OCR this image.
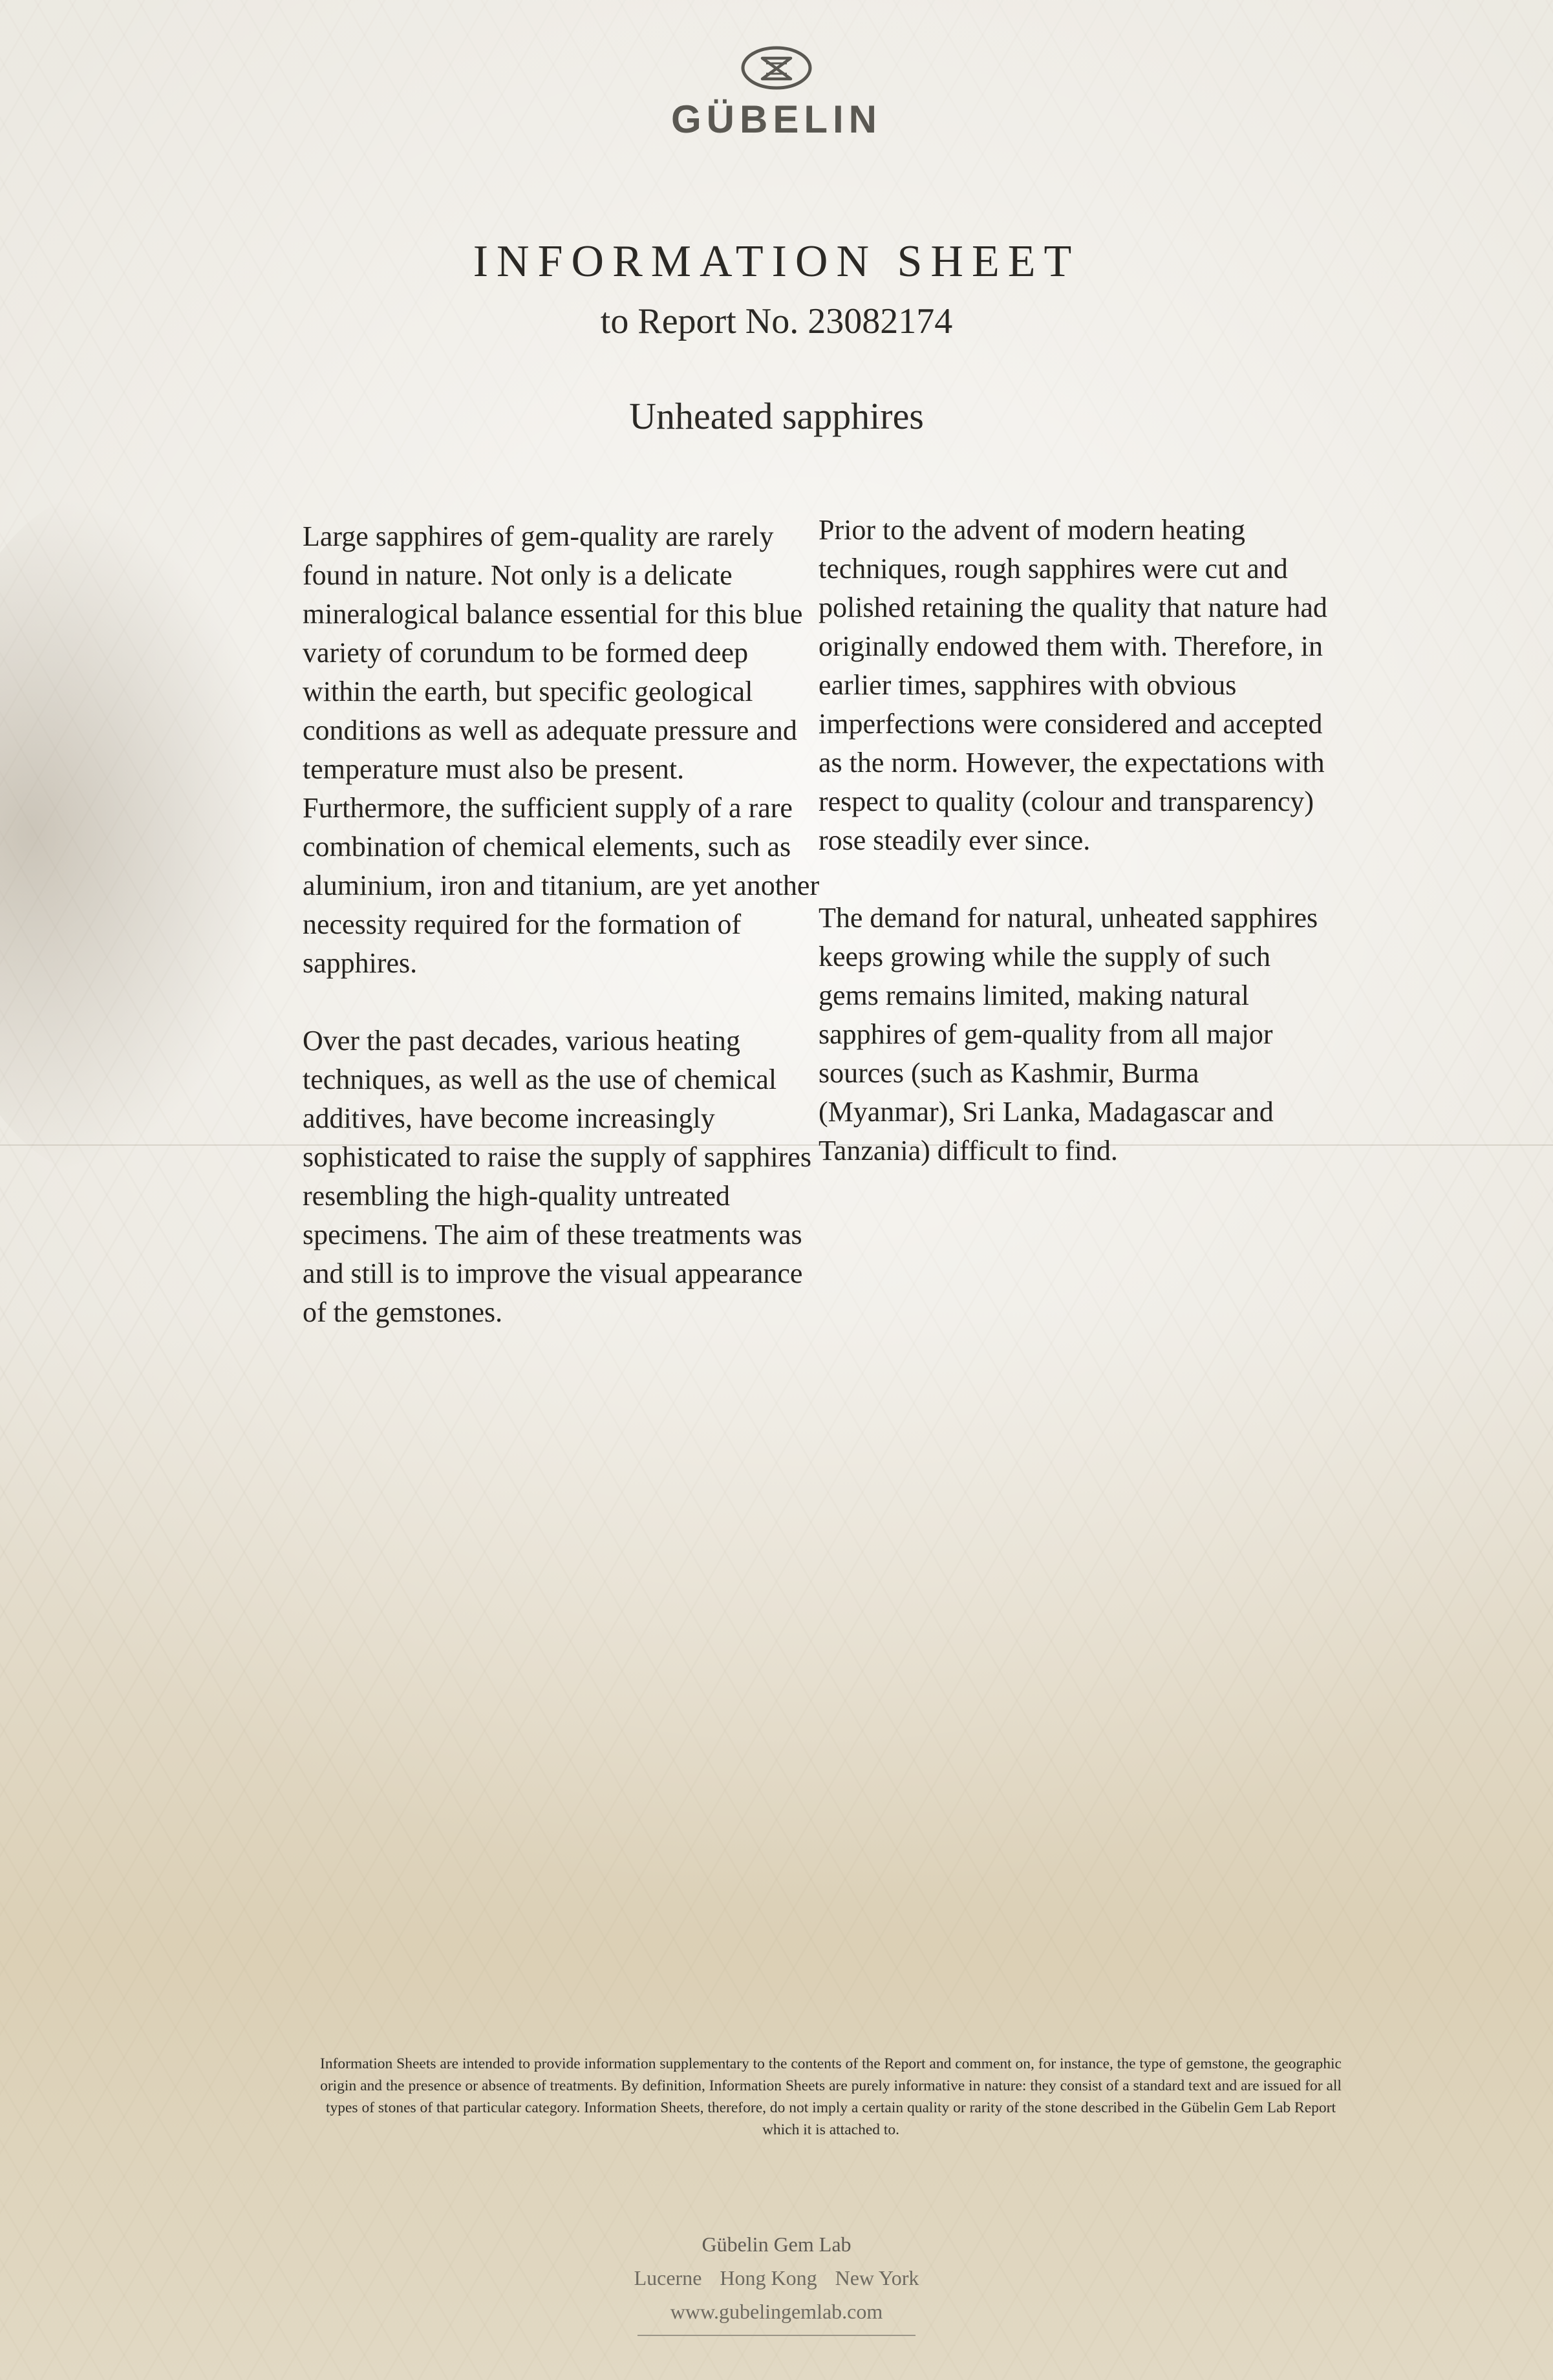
GÜBELIN
INFORMATION SHEET
to Report No. 23082174
Unheated sapphires

Large sapphires of gem-quality are rarely found in nature. Not only is a delicate mineralogical balance essential for this blue variety of corundum to be formed deep within the earth, but specific geological conditions as well as adequate pressure and temperature must also be present. Furthermore, the sufficient supply of a rare combination of chemical elements, such as aluminium, iron and titanium, are yet another necessity required for the formation of sapphires.

Over the past decades, various heating techniques, as well as the use of chemical additives, have become increasingly sophisticated to raise the supply of sapphires resembling the high-quality untreated specimens. The aim of these treatments was and still is to improve the visual appearance of the gemstones.

Prior to the advent of modern heating techniques, rough sapphires were cut and polished retaining the quality that nature had originally endowed them with. Therefore, in earlier times, sapphires with obvious imperfections were considered and accepted as the norm. However, the expectations with respect to quality (colour and transparency) rose steadily ever since.

The demand for natural, unheated sapphires keeps growing while the supply of such gems remains limited, making natural sapphires of gem-quality from all major sources (such as Kashmir, Burma (Myanmar), Sri Lanka, Madagascar and Tanzania) difficult to find.

Information Sheets are intended to provide information supplementary to the contents of the Report and comment on, for instance, the type of gemstone, the geographic origin and the presence or absence of treatments. By definition, Information Sheets are purely informative in nature: they consist of a standard text and are issued for all types of stones of that particular category. Information Sheets, therefore, do not imply a certain quality or rarity of the stone described in the Gübelin Gem Lab Report which it is attached to.
Gübelin Gem Lab
Lucerne Hong Kong New York
www.gubelingemlab.com
